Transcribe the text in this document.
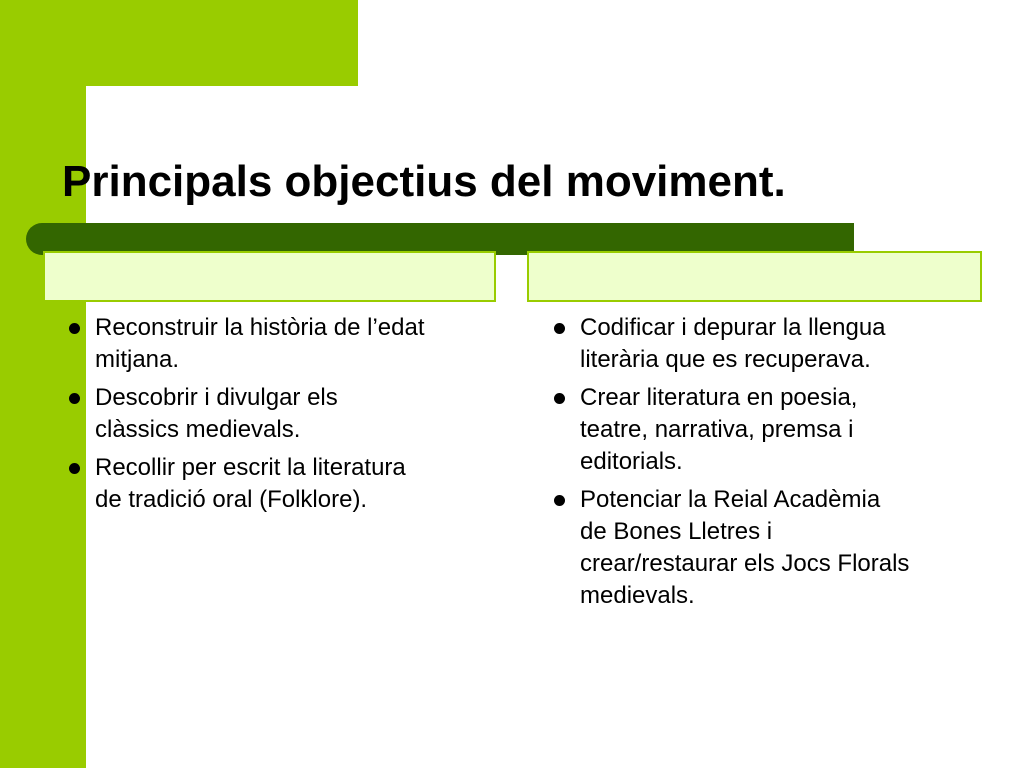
Principals objectius del moviment.
Reconstruir la història de l’edat
mitjana.
Descobrir i divulgar els
clàssics medievals.
Recollir per escrit la literatura
de tradició oral (Folklore).
Codificar i depurar la llengua
literària que es recuperava.
Crear literatura en poesia,
teatre, narrativa, premsa i
editorials.
Potenciar la Reial Acadèmia
de Bones Lletres i
crear/restaurar els Jocs Florals
medievals.
